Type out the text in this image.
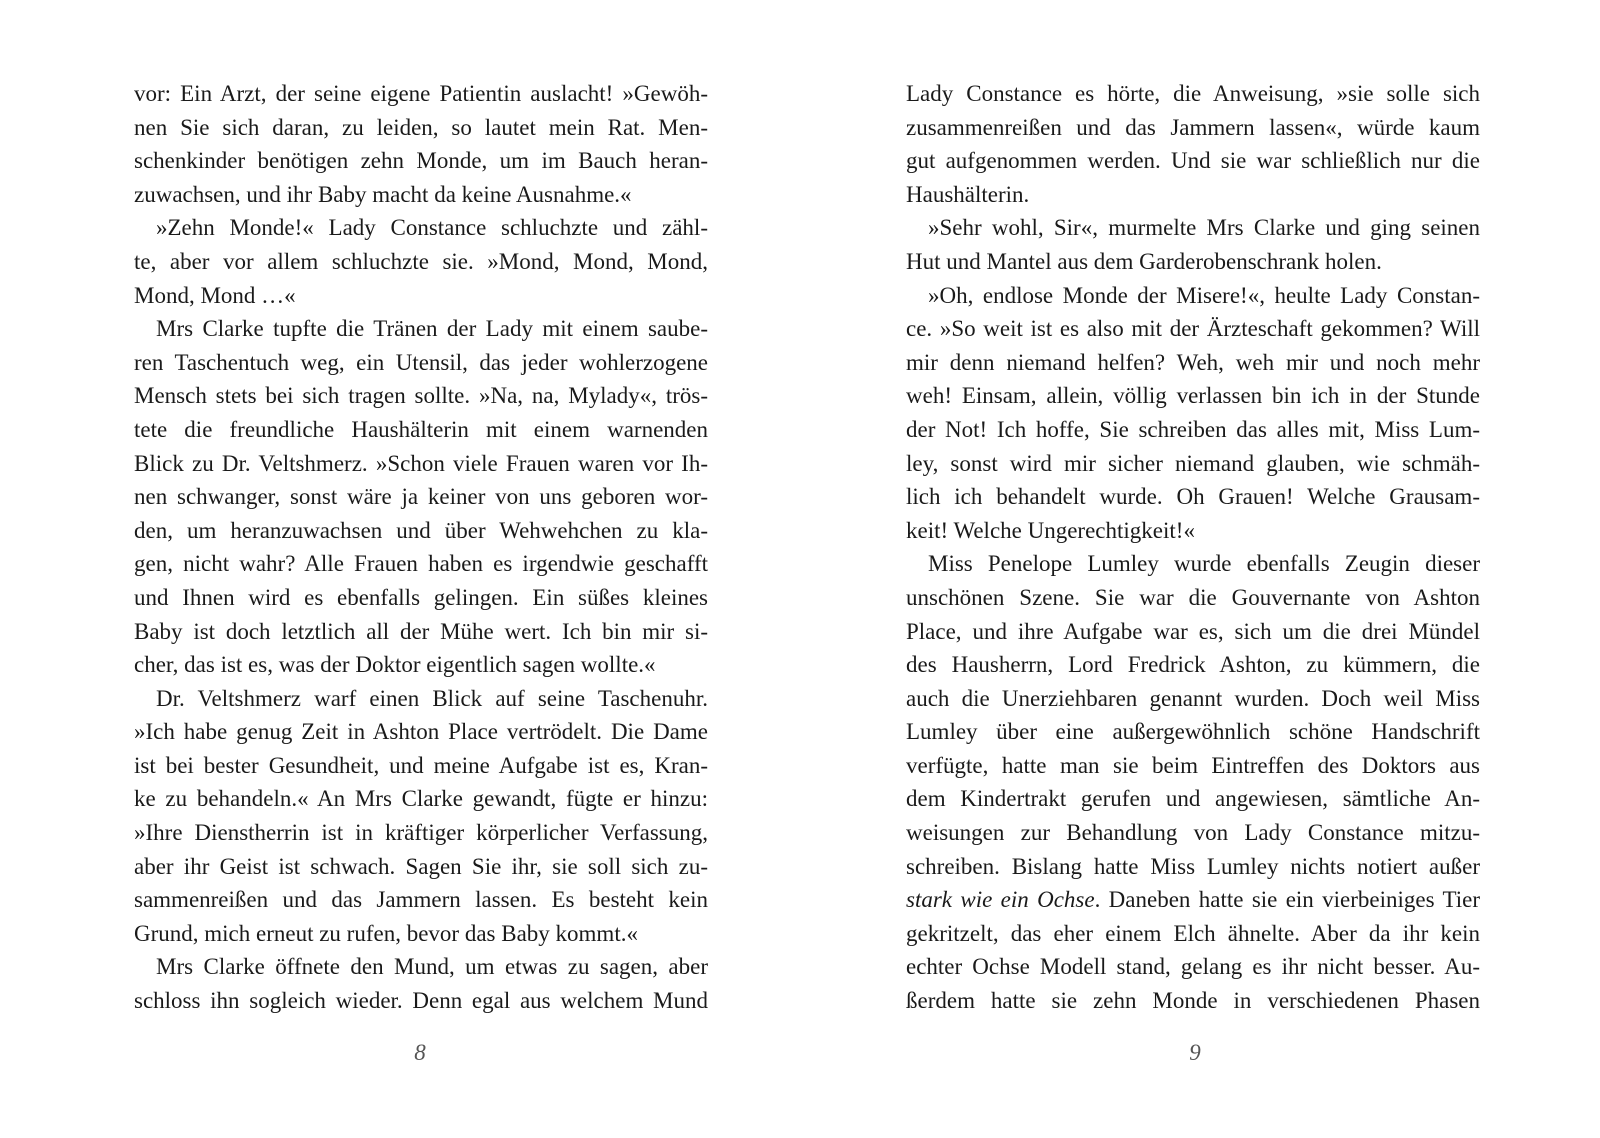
vor: Ein Arzt, der seine eigene Patientin auslacht! »Gewöh-
nen Sie sich daran, zu leiden, so lautet mein Rat. Men-
schenkinder benötigen zehn Monde, um im Bauch heran-
zuwachsen, und ihr Baby macht da keine Ausnahme.«
»Zehn Monde!« Lady Constance schluchzte und zähl-
te, aber vor allem schluchzte sie. »Mond, Mond, Mond,
Mond, Mond …«
Mrs Clarke tupfte die Tränen der Lady mit einem saube-
ren Taschentuch weg, ein Utensil, das jeder wohlerzogene
Mensch stets bei sich tragen sollte. »Na, na, Mylady«, trös-
tete die freundliche Haushälterin mit einem warnenden
Blick zu Dr. Veltshmerz. »Schon viele Frauen waren vor Ih-
nen schwanger, sonst wäre ja keiner von uns geboren wor-
den, um heranzuwachsen und über Wehwehchen zu kla-
gen, nicht wahr? Alle Frauen haben es irgendwie geschafft
und Ihnen wird es ebenfalls gelingen. Ein süßes kleines
Baby ist doch letztlich all der Mühe wert. Ich bin mir si-
cher, das ist es, was der Doktor eigentlich sagen wollte.«
Dr. Veltshmerz warf einen Blick auf seine Taschenuhr.
»Ich habe genug Zeit in Ashton Place vertrödelt. Die Dame
ist bei bester Gesundheit, und meine Aufgabe ist es, Kran-
ke zu behandeln.« An Mrs Clarke gewandt, fügte er hinzu:
»Ihre Dienstherrin ist in kräftiger körperlicher Verfassung,
aber ihr Geist ist schwach. Sagen Sie ihr, sie soll sich zu-
sammenreißen und das Jammern lassen. Es besteht kein
Grund, mich erneut zu rufen, bevor das Baby kommt.«
Mrs Clarke öffnete den Mund, um etwas zu sagen, aber
schloss ihn sogleich wieder. Denn egal aus welchem Mund
8
Lady Constance es hörte, die Anweisung, »sie solle sich
zusammenreißen und das Jammern lassen«, würde kaum
gut aufgenommen werden. Und sie war schließlich nur die
Haushälterin.
»Sehr wohl, Sir«, murmelte Mrs Clarke und ging seinen
Hut und Mantel aus dem Garderobenschrank holen.
»Oh, endlose Monde der Misere!«, heulte Lady Constan-
ce. »So weit ist es also mit der Ärzteschaft gekommen? Will
mir denn niemand helfen? Weh, weh mir und noch mehr
weh! Einsam, allein, völlig verlassen bin ich in der Stunde
der Not! Ich hoffe, Sie schreiben das alles mit, Miss Lum-
ley, sonst wird mir sicher niemand glauben, wie schmäh-
lich ich behandelt wurde. Oh Grauen! Welche Grausam-
keit! Welche Ungerechtigkeit!«
Miss Penelope Lumley wurde ebenfalls Zeugin dieser
unschönen Szene. Sie war die Gouvernante von Ashton
Place, und ihre Aufgabe war es, sich um die drei Mündel
des Hausherrn, Lord Fredrick Ashton, zu kümmern, die
auch die Unerziehbaren genannt wurden. Doch weil Miss
Lumley über eine außergewöhnlich schöne Handschrift
verfügte, hatte man sie beim Eintreffen des Doktors aus
dem Kindertrakt gerufen und angewiesen, sämtliche An-
weisungen zur Behandlung von Lady Constance mitzu-
schreiben. Bislang hatte Miss Lumley nichts notiert außer
stark wie ein Ochse. Daneben hatte sie ein vierbeiniges Tier
gekritzelt, das eher einem Elch ähnelte. Aber da ihr kein
echter Ochse Modell stand, gelang es ihr nicht besser. Au-
ßerdem hatte sie zehn Monde in verschiedenen Phasen
9
